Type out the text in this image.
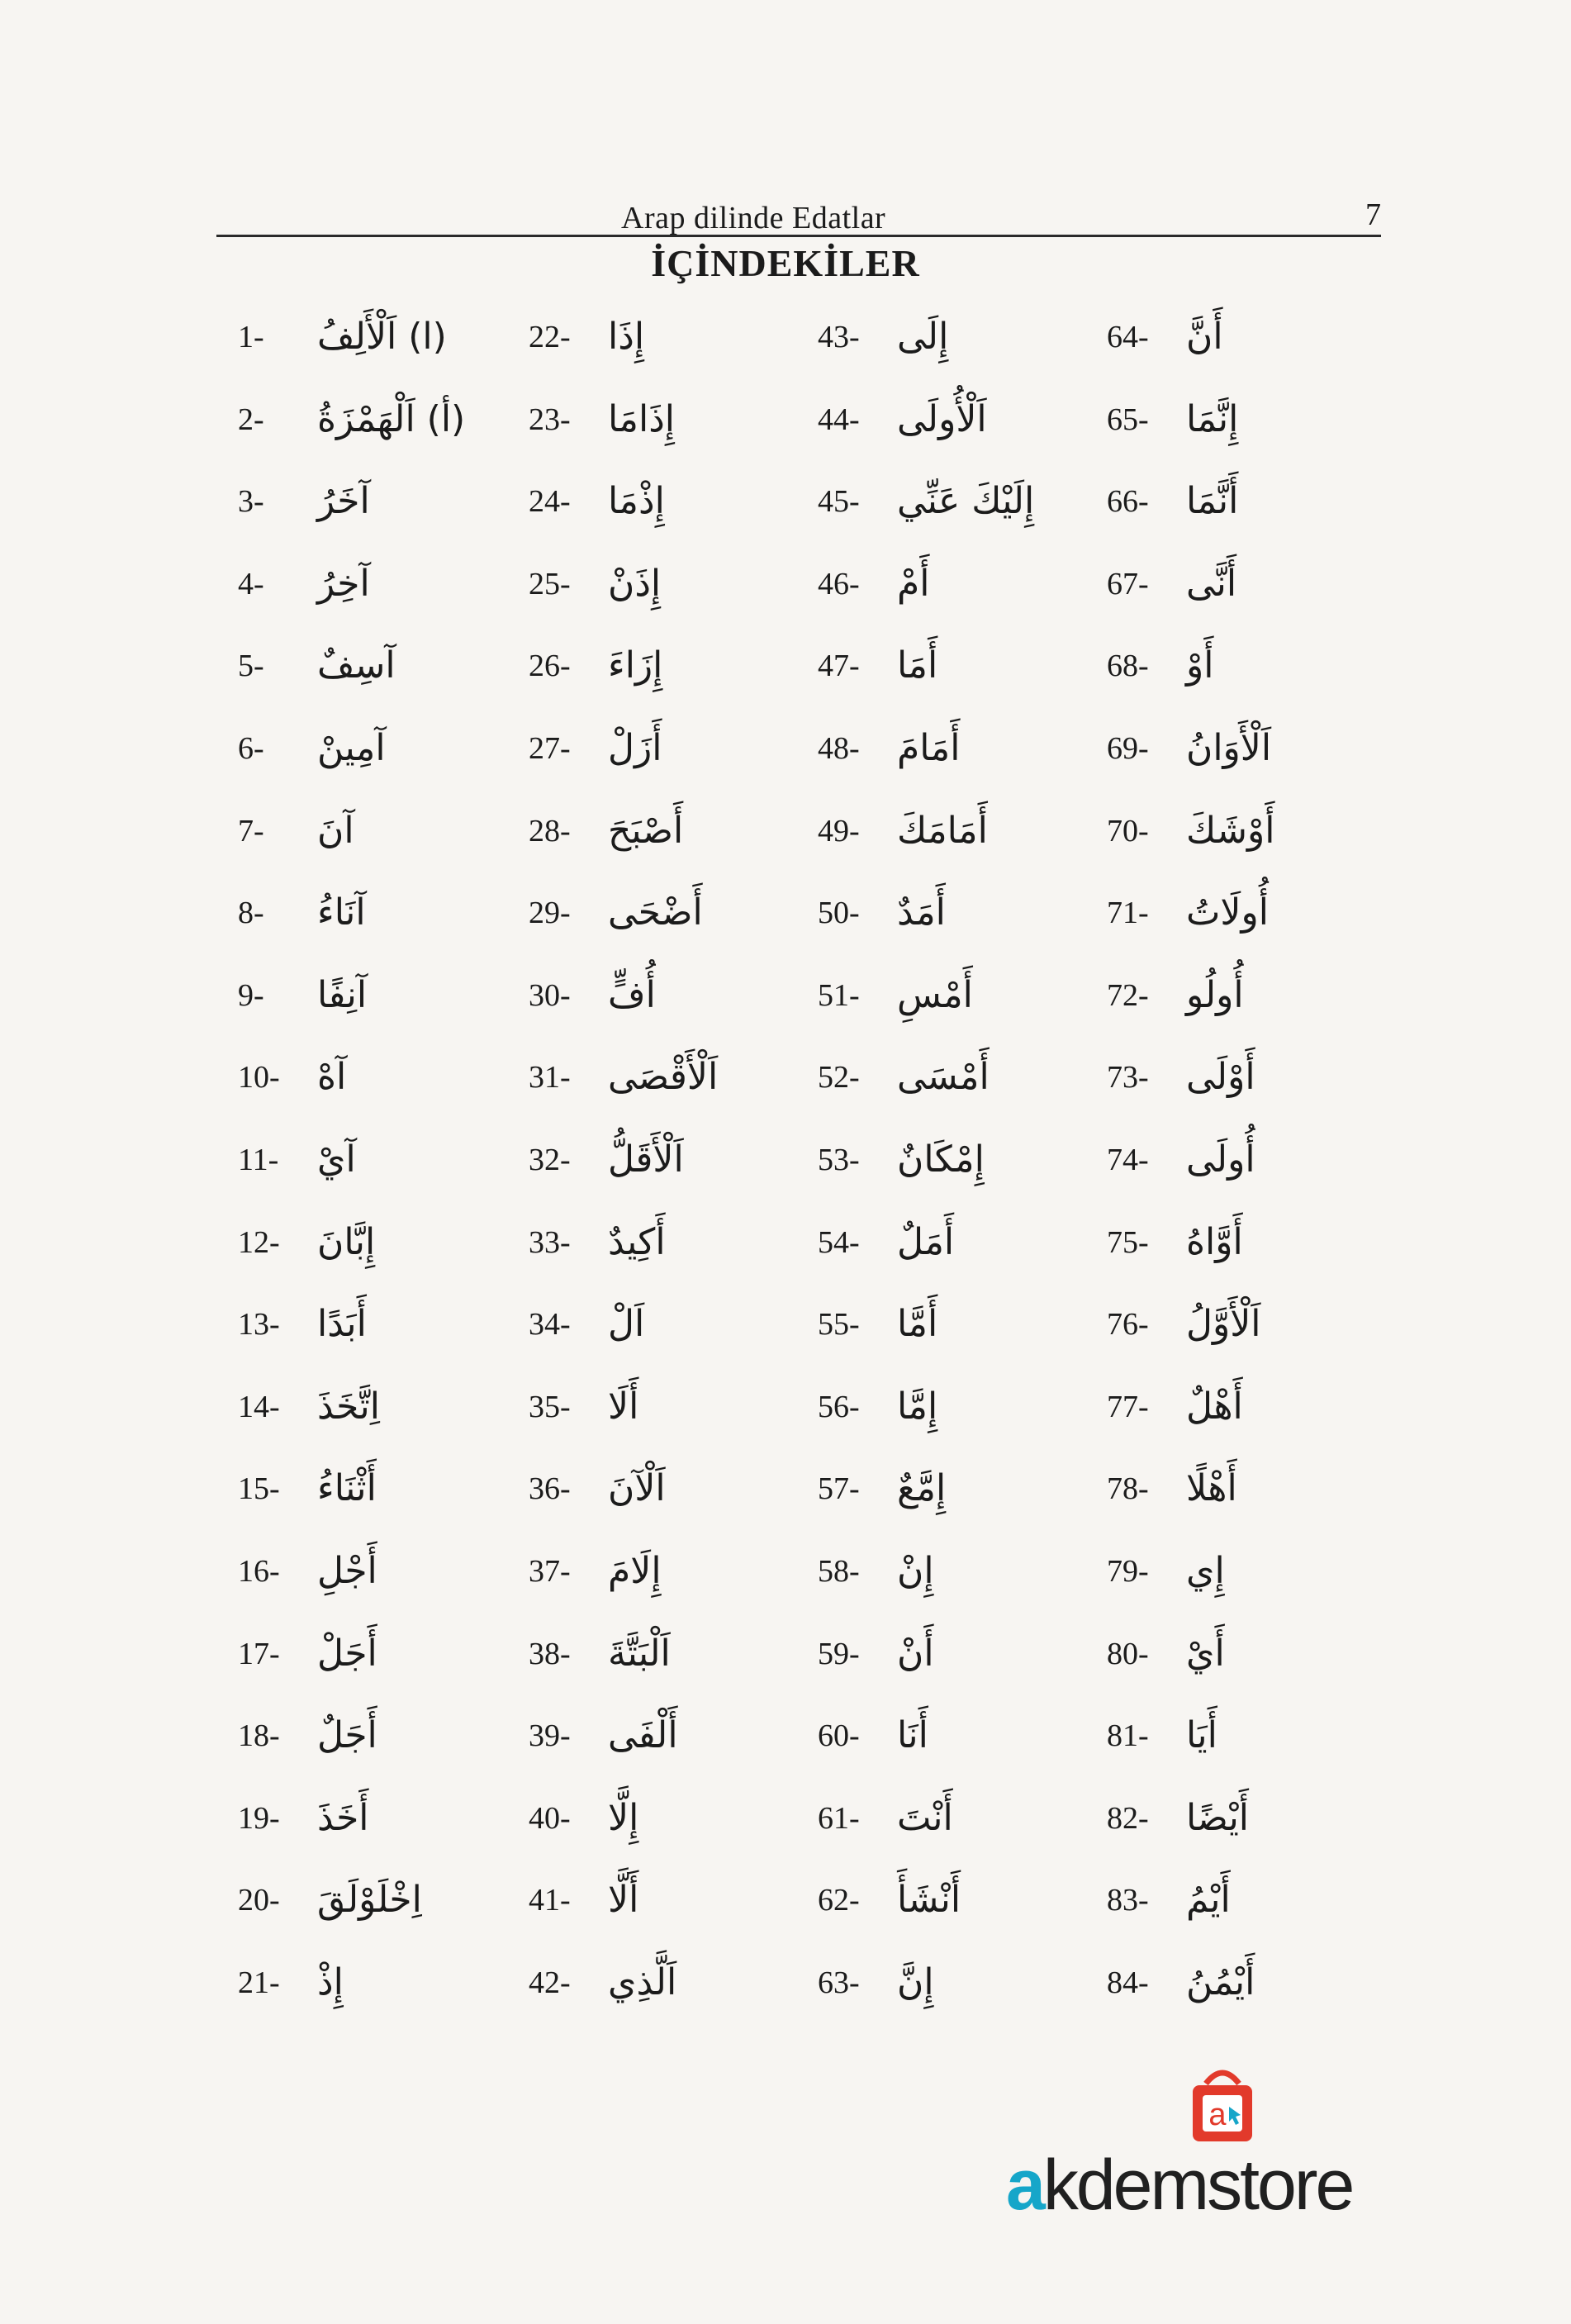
Arap dilinde Edatlar	7
İÇİNDEKİLER
1-	(ا) اَلْأَلِفُ
2-	(أ) اَلْهَمْزَةُ
3-	آخَرُ
4-	آخِرُ
5-	آسِفٌ
6-	آمِينْ
7-	آنَ
8-	آنَاءُ
9-	آنِفًا
10-	آهْ
11-	آيْ
12-	إِبَّانَ
13-	أَبَدًا
14-	اِتَّخَذَ
15-	أَثْنَاءُ
16-	أَجْلِ
17-	أَجَلْ
18-	أَجَلٌ
19-	أَخَذَ
20-	اِخْلَوْلَقَ
21-	إِذْ
22-	إِذَا
23-	إِذَامَا
24-	إِذْمَا
25-	إِذَنْ
26-	إِزَاءَ
27-	أَزَلْ
28-	أَصْبَحَ
29-	أَضْحَى
30-	أُفٍّ
31-	اَلْأَقْصَى
32-	اَلْأَقَلُّ
33-	أَكِيدٌ
34-	اَلْ
35-	أَلَا
36-	اَلْآنَ
37-	إِلَامَ
38-	اَلْبَتَّةَ
39-	أَلْفَى
40-	إِلَّا
41-	أَلَّا
42-	اَلَّذِي
43-	إِلَى
44-	اَلْأُولَى
45-	إِلَيْكَ عَنِّي
46-	أَمْ
47-	أَمَا
48-	أَمَامَ
49-	أَمَامَكَ
50-	أَمَدٌ
51-	أَمْسِ
52-	أَمْسَى
53-	إِمْكَانٌ
54-	أَمَلٌ
55-	أَمَّا
56-	إِمَّا
57-	إِمَّعٌ
58-	إِنْ
59-	أَنْ
60-	أَنَا
61-	أَنْتَ
62-	أَنْشَأَ
63-	إِنَّ
64-	أَنَّ
65-	إِنَّمَا
66-	أَنَّمَا
67-	أَنَّى
68-	أَوْ
69-	اَلْأَوَانُ
70-	أَوْشَكَ
71-	أُولَاتُ
72-	أُولُو
73-	أَوْلَى
74-	أُولَى
75-	أَوَّاهُ
76-	اَلْأَوَّلُ
77-	أَهْلٌ
78-	أَهْلًا
79-	إِي
80-	أَيْ
81-	أَيَا
82-	أَيْضًا
83-	أَيْمُ
84-	أَيْمُنُ
a
akdemstore
